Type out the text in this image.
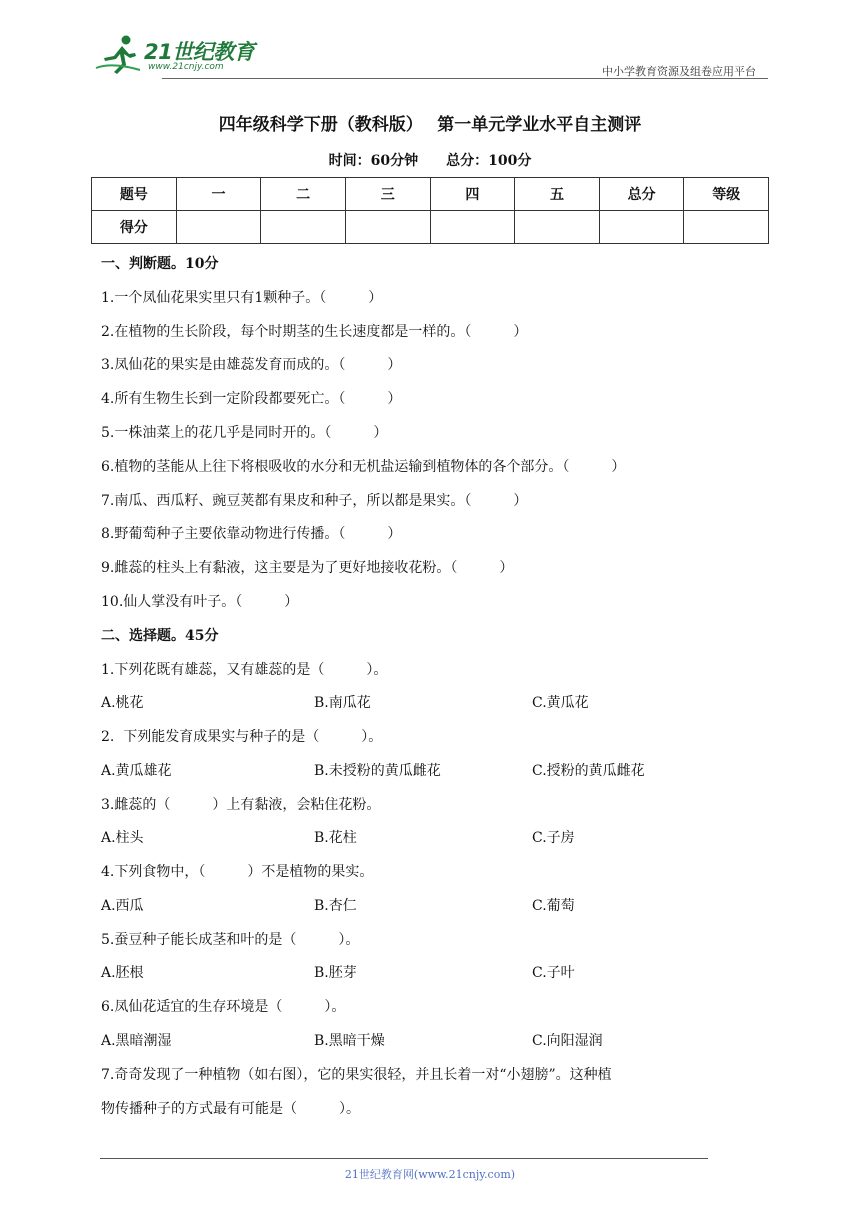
21世纪教育
www.21cnjy.com	中小学教育资源及组卷应用平台
四年级科学下册（教科版）　 第一单元学业水平自主测评
时间：60分钟　　总分：100分
题号	一	二	三	四	五	总分	等级
得分							
一、判断题。10分
1.一个凤仙花果实里只有1颗种子。（　　　）
2.在植物的生长阶段，每个时期茎的生长速度都是一样的。（　　　）
3.凤仙花的果实是由雄蕊发育而成的。（　　　）
4.所有生物生长到一定阶段都要死亡。（　　　）
5.一株油菜上的花几乎是同时开的。（　　　）
6.植物的茎能从上往下将根吸收的水分和无机盐运输到植物体的各个部分。（　　　）
7.南瓜、西瓜籽、豌豆荚都有果皮和种子，所以都是果实。（　　　）
8.野葡萄种子主要依靠动物进行传播。（　　　）
9.雌蕊的柱头上有黏液，这主要是为了更好地接收花粉。（　　　）
10.仙人掌没有叶子。（　　　）
二、选择题。45分
1.下列花既有雄蕊，又有雄蕊的是（　　　）。
A.桃花	B.南瓜花	C.黄瓜花
2.  下列能发育成果实与种子的是（　　　）。
A.黄瓜雄花	B.未授粉的黄瓜雌花	C.授粉的黄瓜雌花
3.雌蕊的（　　　）上有黏液，会粘住花粉。
A.柱头	B.花柱	C.子房
4.下列食物中，（　　　）不是植物的果实。
A.西瓜	B.杏仁	C.葡萄
5.蚕豆种子能长成茎和叶的是（　　　）。
A.胚根	B.胚芽	C.子叶
6.凤仙花适宜的生存环境是（　　　）。
A.黑暗潮湿	B.黑暗干燥	C.向阳湿润
7.奇奇发现了一种植物（如右图），它的果实很轻，并且长着一对“小翅膀”。这种植
物传播种子的方式最有可能是（　　　）。
21世纪教育网(www.21cnjy.com)
